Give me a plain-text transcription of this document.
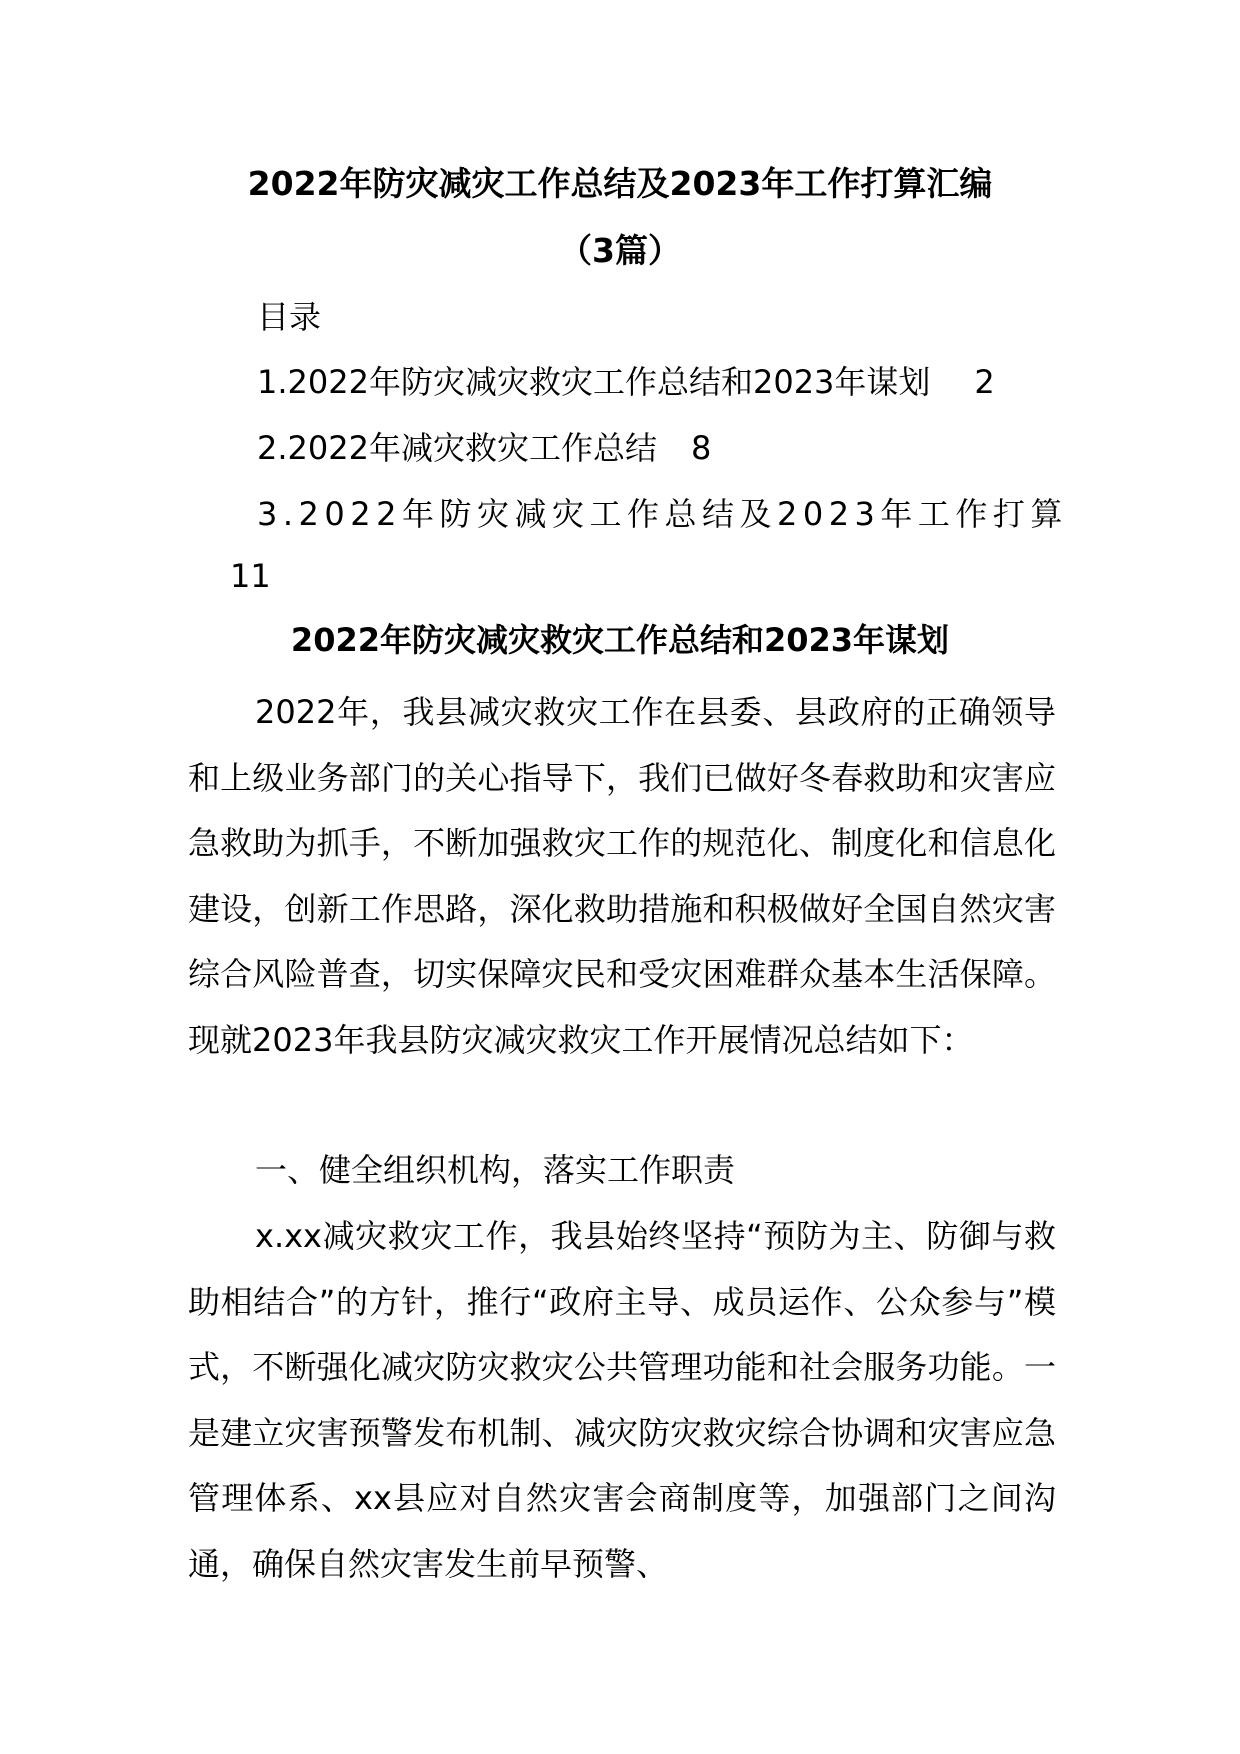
2022年防灾减灾工作总结及2023年工作打算汇编
（3篇）
目录
1.2022年防灾减灾救灾工作总结和2023年谋划 2
2.2022年减灾救灾工作总结 8
3.2022年防灾减灾工作总结及2023年工作打算
11
2022年防灾减灾救灾工作总结和2023年谋划

2022年，我县减灾救灾工作在县委、县政府的正确领导和上级业务部门的关心指导下，我们已做好冬春救助和灾害应急救助为抓手，不断加强救灾工作的规范化、制度化和信息化建设，创新工作思路，深化救助措施和积极做好全国自然灾害综合风险普查，切实保障灾民和受灾困难群众基本生活保障。现就2023年我县防灾减灾救灾工作开展情况总结如下：

一、健全组织机构，落实工作职责

x.xx减灾救灾工作，我县始终坚持“预防为主、防御与救助相结合”的方针，推行“政府主导、成员运作、公众参与”模式，不断强化减灾防灾救灾公共管理功能和社会服务功能。一是建立灾害预警发布机制、减灾防灾救灾综合协调和灾害应急管理体系、xx县应对自然灾害会商制度等，加强部门之间沟通，确保自然灾害发生前早预警、
